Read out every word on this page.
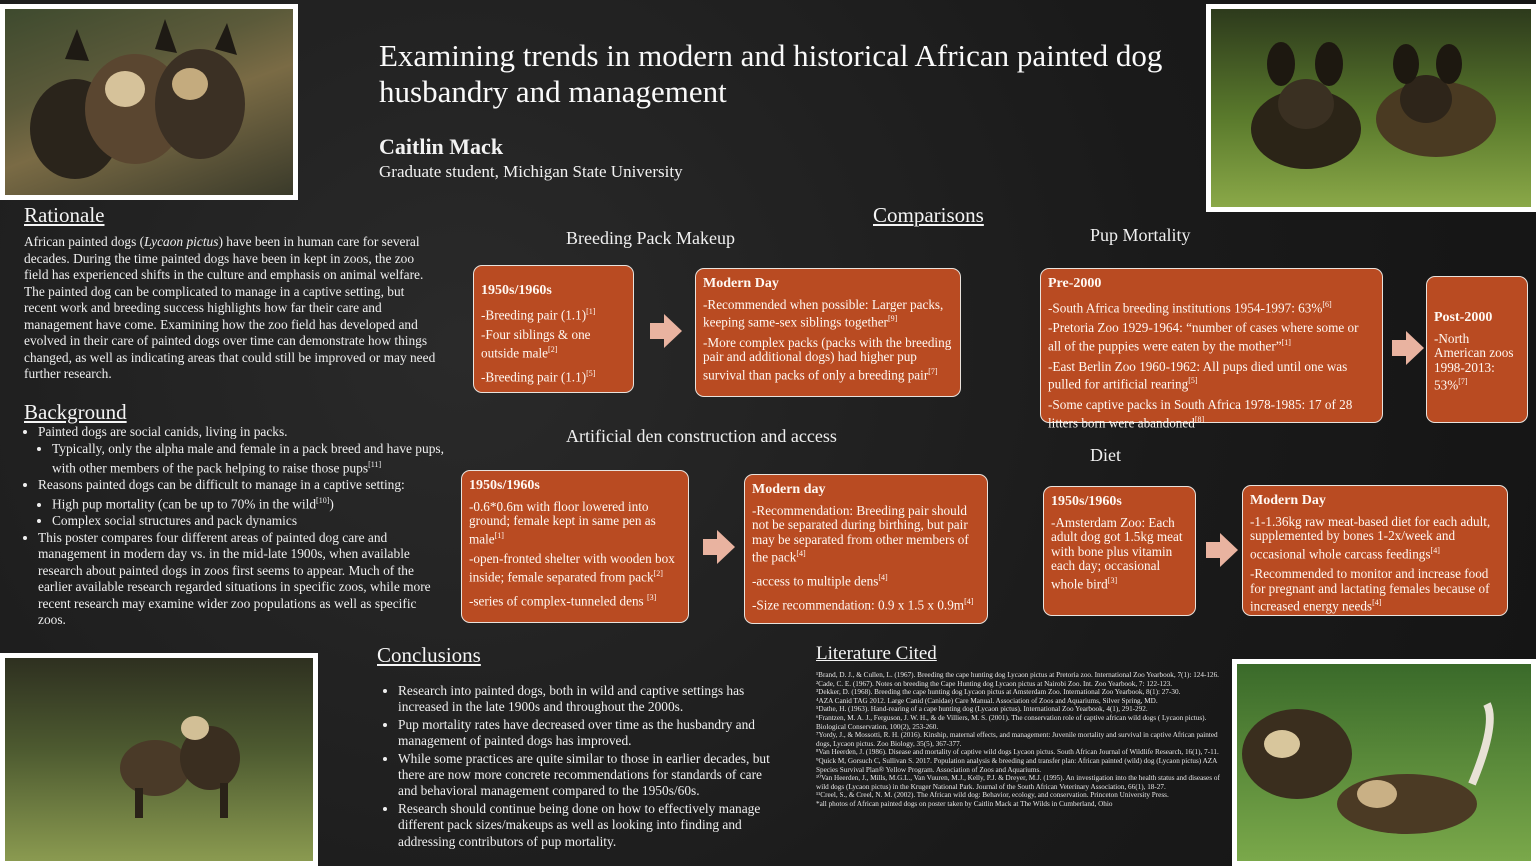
Examining trends in modern and historical African painted dog husbandry and management
Caitlin Mack
Graduate student, Michigan State University
Rationale
African painted dogs (Lycaon pictus) have been in human care for several decades. During the time painted dogs have been in kept in zoos, the zoo field has experienced shifts in the culture and emphasis on animal welfare. The painted dog can be complicated to manage in a captive setting, but recent work and breeding success highlights how far their care and management have come. Examining how the zoo field has developed and evolved in their care of painted dogs over time can demonstrate how things changed, as well as indicating areas that could still be improved or may need further research.
Background
• Painted dogs are social canids, living in packs.
• Typically, only the alpha male and female in a pack breed and have pups, with other members of the pack helping to raise those pups[11]
• Reasons painted dogs can be difficult to manage in a captive setting:
• High pup mortality (can be up to 70% in the wild[10])
• Complex social structures and pack dynamics
• This poster compares four different areas of painted dog care and management in modern day vs. in the mid-late 1900s, when available research about painted dogs in zoos first seems to appear. Much of the earlier available research regarded situations in specific zoos, while more recent research may examine wider zoo populations as well as specific zoos.
Comparisons
Breeding Pack Makeup
1950s/1960s

-Breeding pair (1.1)[1]

-Four siblings & one outside male[2]

-Breeding pair (1.1)[5]

Modern Day

-Recommended when possible: Larger packs, keeping same-sex siblings together[9]

-More complex packs (packs with the breeding pair and additional dogs) had higher pup survival than packs of only a breeding pair[7]

Pup Mortality
Pre-2000

-South Africa breeding institutions 1954-1997: 63%[6]

-Pretoria Zoo 1929-1964: “number of cases where some or all of the puppies were eaten by the mother”[1]

-East Berlin Zoo 1960-1962: All pups died until one was pulled for artificial rearing[5]

-Some captive packs in South Africa 1978-1985: 17 of 28 litters born were abandoned[8]

Post-2000

-North American zoos 1998-2013: 53%[7]

Artificial den construction and access
1950s/1960s

-0.6*0.6m with floor lowered into ground; female kept in same pen as male[1]

-open-fronted shelter with wooden box inside; female separated from pack[2]

-series of complex-tunneled dens [3]

Modern day

-Recommendation: Breeding pair should not be separated during birthing, but pair may be separated from other members of the pack[4]

-access to multiple dens[4]

-Size recommendation: 0.9 x 1.5 x 0.9m[4]

Diet
1950s/1960s

-Amsterdam Zoo: Each adult dog got 1.5kg meat with bone plus vitamin each day; occasional whole bird[3]

Modern Day

-1-1.36kg raw meat-based diet for each adult, supplemented by bones 1-2x/week and occasional whole carcass feedings[4]

-Recommended to monitor and increase food for pregnant and lactating females because of increased energy needs[4]

Conclusions
• Research into painted dogs, both in wild and captive settings has increased in the late 1900s and throughout the 2000s.
• Pup mortality rates have decreased over time as the husbandry and management of painted dogs has improved.
• While some practices are quite similar to those in earlier decades, but there are now more concrete recommendations for standards of care and behavioral management compared to the 1950s/60s.
• Research should continue being done on how to effectively manage different pack sizes/makeups as well as looking into finding and addressing contributors of pup mortality.
Literature Cited
¹Brand, D. J., & Cullen, L. (1967). Breeding the cape hunting dog Lycaon pictus at Pretoria zoo. International Zoo Yearbook, 7(1): 124-126.
²Cade, C. E. (1967). Notes on breeding the Cape Hunting dog Lycaon pictus at Nairobi Zoo. Int. Zoo Yearbook, 7: 122-123.
³Dekker, D. (1968). Breeding the cape hunting dog Lycaon pictus at Amsterdam Zoo. International Zoo Yearbook, 8(1): 27-30.
⁴AZA Canid TAG 2012. Large Canid (Canidae) Care Manual. Association of Zoos and Aquariums, Silver Spring, MD.
⁵Dathe, H. (1963). Hand-rearing of a cape hunting dog (Lycaon pictus). International Zoo Yearbook, 4(1), 291-292.
⁶Frantzen, M. A. J., Ferguson, J. W. H., & de Villiers, M. S. (2001). The conservation role of captive african wild dogs ( Lycaon pictus). Biological Conservation, 100(2), 253-260.
⁷Yordy, J., & Mossotti, R. H. (2016). Kinship, maternal effects, and management: Juvenile mortality and survival in captive African painted dogs, Lycaon pictus. Zoo Biology, 35(5), 367-377.
⁸Van Heerden, J. (1986). Disease and mortality of captive wild dogs Lycaon pictus. South African Journal of Wildlife Research, 16(1), 7-11.
⁹Quick M, Gorsuch C, Sullivan S. 2017. Population analysis & breeding and transfer plan: African painted (wild) dog (Lycaon pictus) AZA Species Survival Plan® Yellow Program. Association of Zoos and Aquariums.
¹⁰Van Heerden, J., Mills, M.G.L., Van Vuuren, M.J., Kelly, P.J. & Dreyer, M.J. (1995). An investigation into the health status and diseases of wild dogs (Lycaon pictus) in the Kruger National Park. Journal of the South African Veterinary Association, 66(1), 18-27.
¹¹Creel, S., & Creel, N. M. (2002). The African wild dog: Behavior, ecology, and conservation. Princeton University Press.
*all photos of African painted dogs on poster taken by Caitlin Mack at The Wilds in Cumberland, Ohio
